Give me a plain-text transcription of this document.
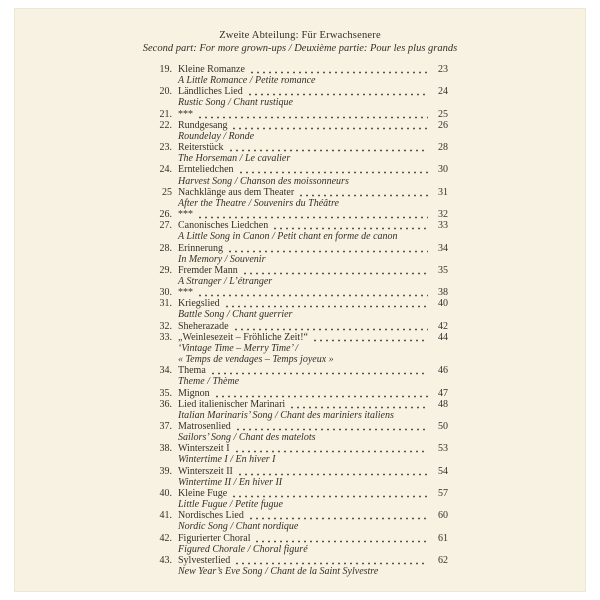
Zweite Abteilung: Für Erwachsenere
Second part: For more grown-ups / Deuxième partie: Pour les plus grands
19. Kleine Romanze	23
A Little Romance / Petite romance
20. Ländliches Lied	24
Rustic Song / Chant rustique
21. ***	25
22. Rundgesang	26
Roundelay / Ronde
23. Reiterstück	28
The Horseman / Le cavalier
24. Ernteliedchen	30
Harvest Song / Chanson des moissonneurs
25 Nachklänge aus dem Theater	31
After the Theatre / Souvenirs du Théâtre
26. ***	32
27. Canonisches Liedchen	33
A Little Song in Canon / Petit chant en forme de canon
28. Erinnerung	34
In Memory / Souvenir
29. Fremder Mann	35
A Stranger / L’étranger
30. ***	38
31. Kriegslied	40
Battle Song / Chant guerrier
32. Sheherazade	42
33. „Weinlesezeit – Fröhliche Zeit!“	44
‘Vintage Time – Merry Time’ /
« Temps de vendages – Temps joyeux »
34. Thema	46
Theme / Thème
35. Mignon	47
36. Lied italienischer Marinari	48
Italian Marinaris’ Song / Chant des mariniers italiens
37. Matrosenlied	50
Sailors’ Song / Chant des matelots
38. Winterszeit I	53
Wintertime I / En hiver I
39. Winterszeit II	54
Wintertime II / En hiver II
40. Kleine Fuge	57
Little Fugue / Petite fugue
41. Nordisches Lied	60
Nordic Song / Chant nordique
42. Figurierter Choral	61
Figured Chorale / Choral figuré
43. Sylvesterlied	62
New Year’s Eve Song / Chant de la Saint Sylvestre
